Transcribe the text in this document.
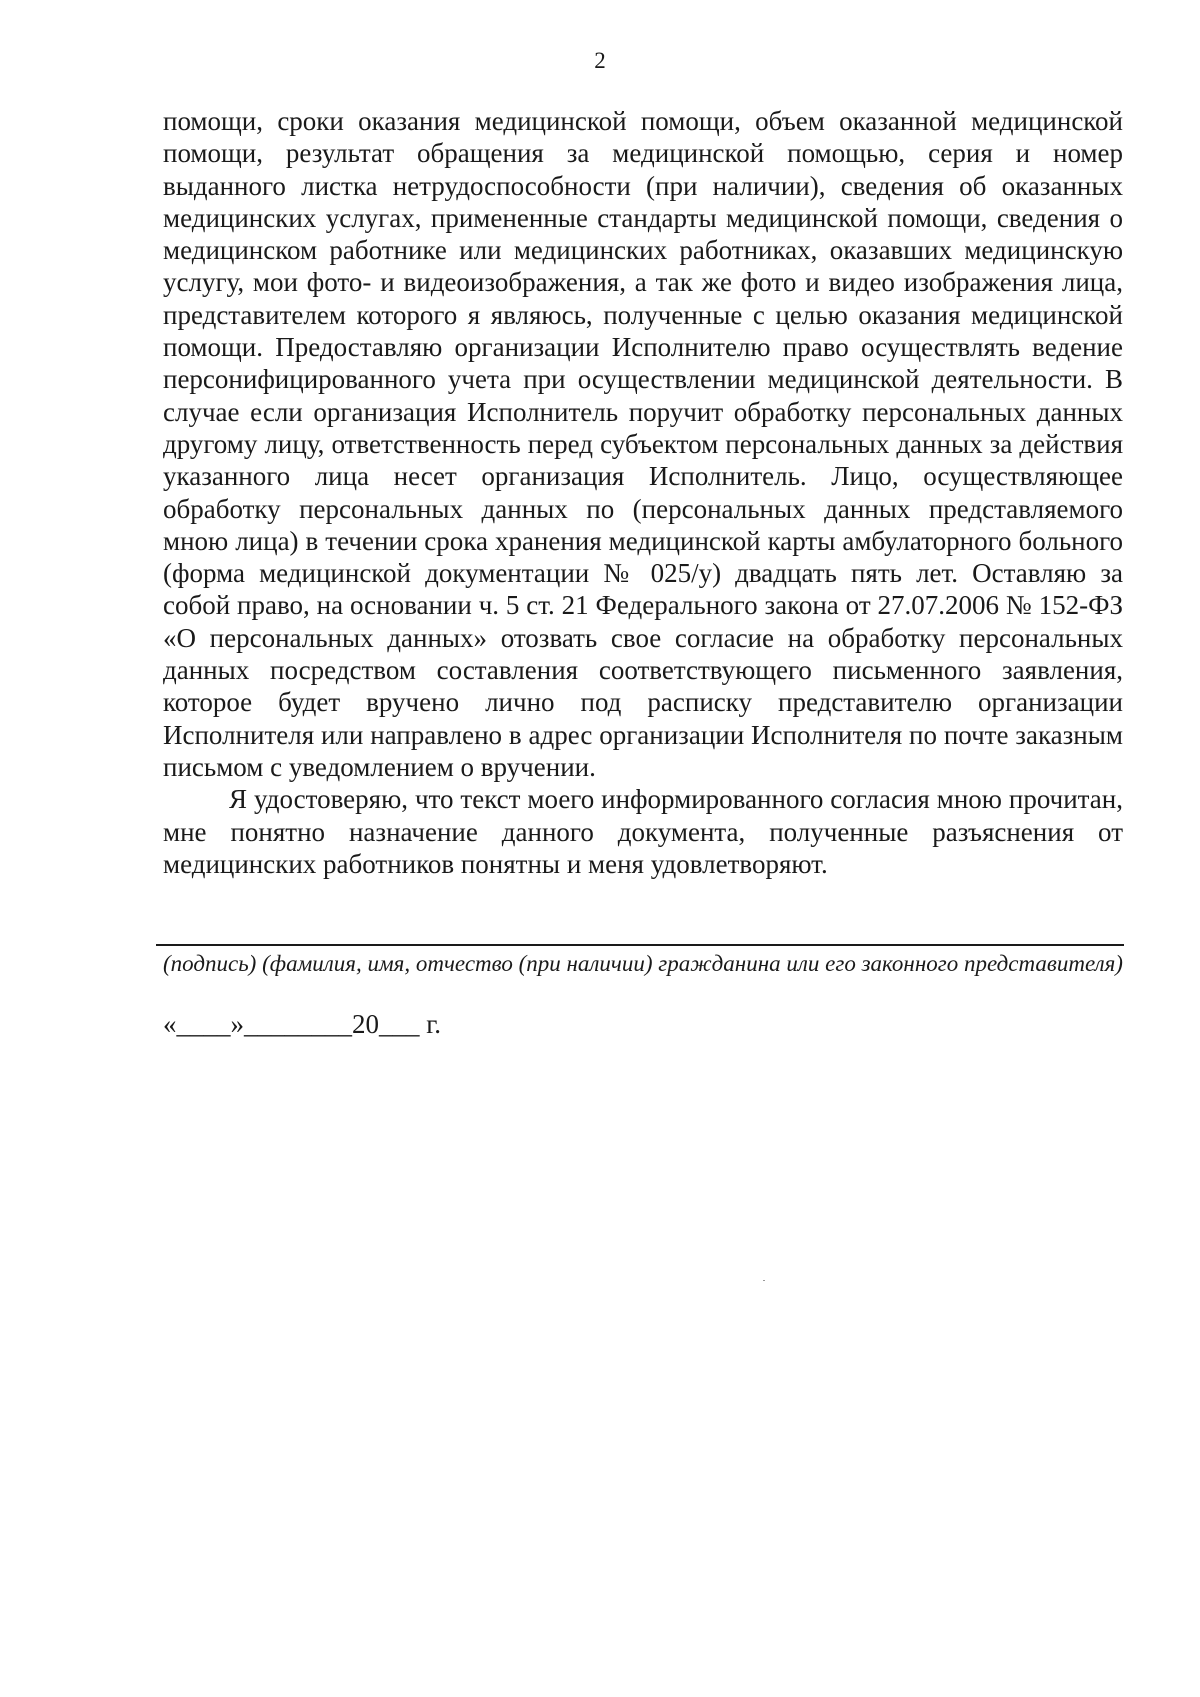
2

помощи, сроки оказания медицинской помощи, объем оказанной медицинской помощи, результат обращения за медицинской помощью, серия и номер выданного листка нетрудоспособности (при наличии), сведения об оказанных медицинских услугах, примененные стандарты медицинской помощи, сведения о медицинском работнике или медицинских работниках, оказавших медицинскую услугу, мои фото- и видеоизображения, а так же фото и видео изображения лица, представителем которого я являюсь, полученные с целью оказания медицинской помощи. Предоставляю организации Исполнителю право осуществлять ведение персонифицированного учета при осуществлении медицинской деятельности. В случае если организация Исполнитель поручит обработку персональных данных другому лицу, ответственность перед субъектом персональных данных за действия указанного лица несет организация Исполнитель. Лицо, осуществляющее обработку персональных данных по (персональных данных представляемого мною лица) в течении срока хранения медицинской карты амбулаторного больного (форма медицинской документации № 025/у) двадцать пять лет. Оставляю за собой право, на основании ч. 5 ст. 21 Федерального закона от 27.07.2006 № 152-ФЗ «О персональных данных» отозвать свое согласие на обработку персональных данных посредством составления соответствующего письменного заявления, которое будет вручено лично под расписку представителю организации Исполнителя или направлено в адрес организации Исполнителя по почте заказным письмом с уведомлением о вручении.

Я удостоверяю, что текст моего информированного согласия мною прочитан, мне понятно назначение данного документа, полученные разъяснения от медицинских работников понятны и меня удовлетворяют.

(подпись) (фамилия, имя, отчество (при наличии) гражданина или его законного представителя)

«____»________20___ г.
